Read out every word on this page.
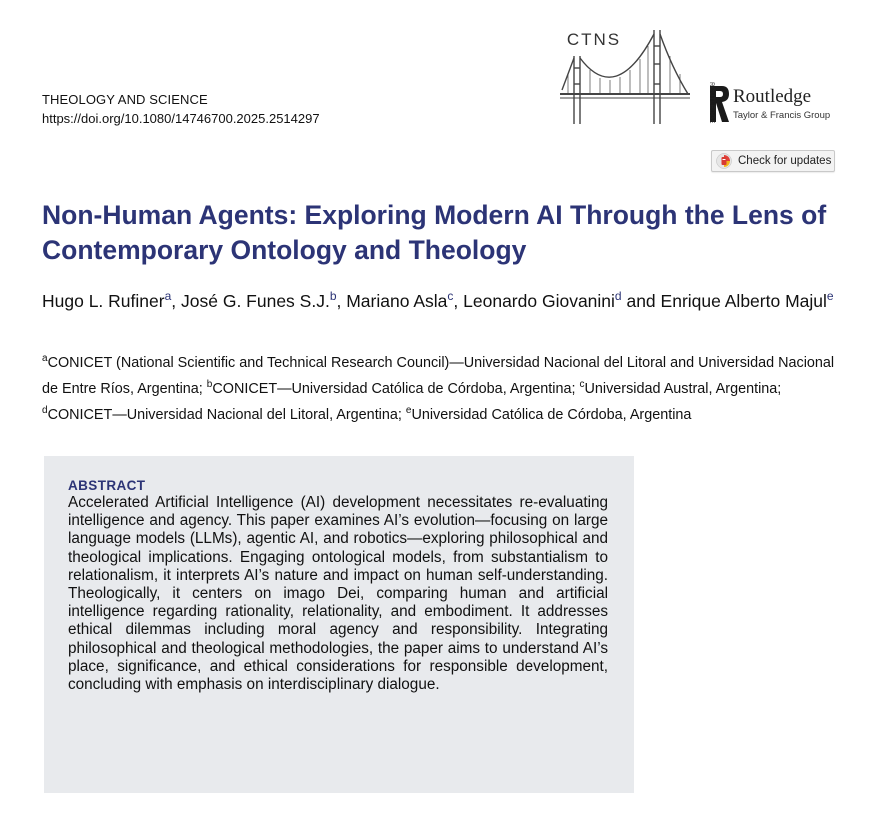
THEOLOGY AND SCIENCE
https://doi.org/10.1080/14746700.2025.2514297
CTNS
ROUTLEDGE Routledge
Taylor & Francis Group
Check for updates
Non-Human Agents: Exploring Modern AI Through the Lens of Contemporary Ontology and Theology
Hugo L. Rufiner$^a$, José G. Funes S.J.$^b$, Mariano Asla$^c$, Leonardo Giovanini$^d$ and Enrique Alberto Majul$^e$
$^a$CONICET (National Scientific and Technical Research Council)—Universidad Nacional del Litoral and Universidad Nacional de Entre Ríos, Argentina; $^b$CONICET—Universidad Católica de Córdoba, Argentina; $^c$Universidad Austral, Argentina; $^d$CONICET—Universidad Nacional del Litoral, Argentina; $^e$Universidad Católica de Córdoba, Argentina
ABSTRACT

Accelerated Artificial Intelligence (AI) development necessitates re-evaluating intelligence and agency. This paper examines AI’s evolution—focusing on large language models (LLMs), agentic AI, and robotics—exploring philosophical and theological implications. Engaging ontological models, from substantialism to relationalism, it interprets AI’s nature and impact on human self-understanding. Theologically, it centers on imago Dei, comparing human and artificial intelligence regarding rationality, relationality, and embodiment. It addresses ethical dilemmas including moral agency and responsibility. Integrating philosophical and theological methodologies, the paper aims to understand AI’s place, significance, and ethical considerations for responsible development, concluding with emphasis on interdisciplinary dialogue.
